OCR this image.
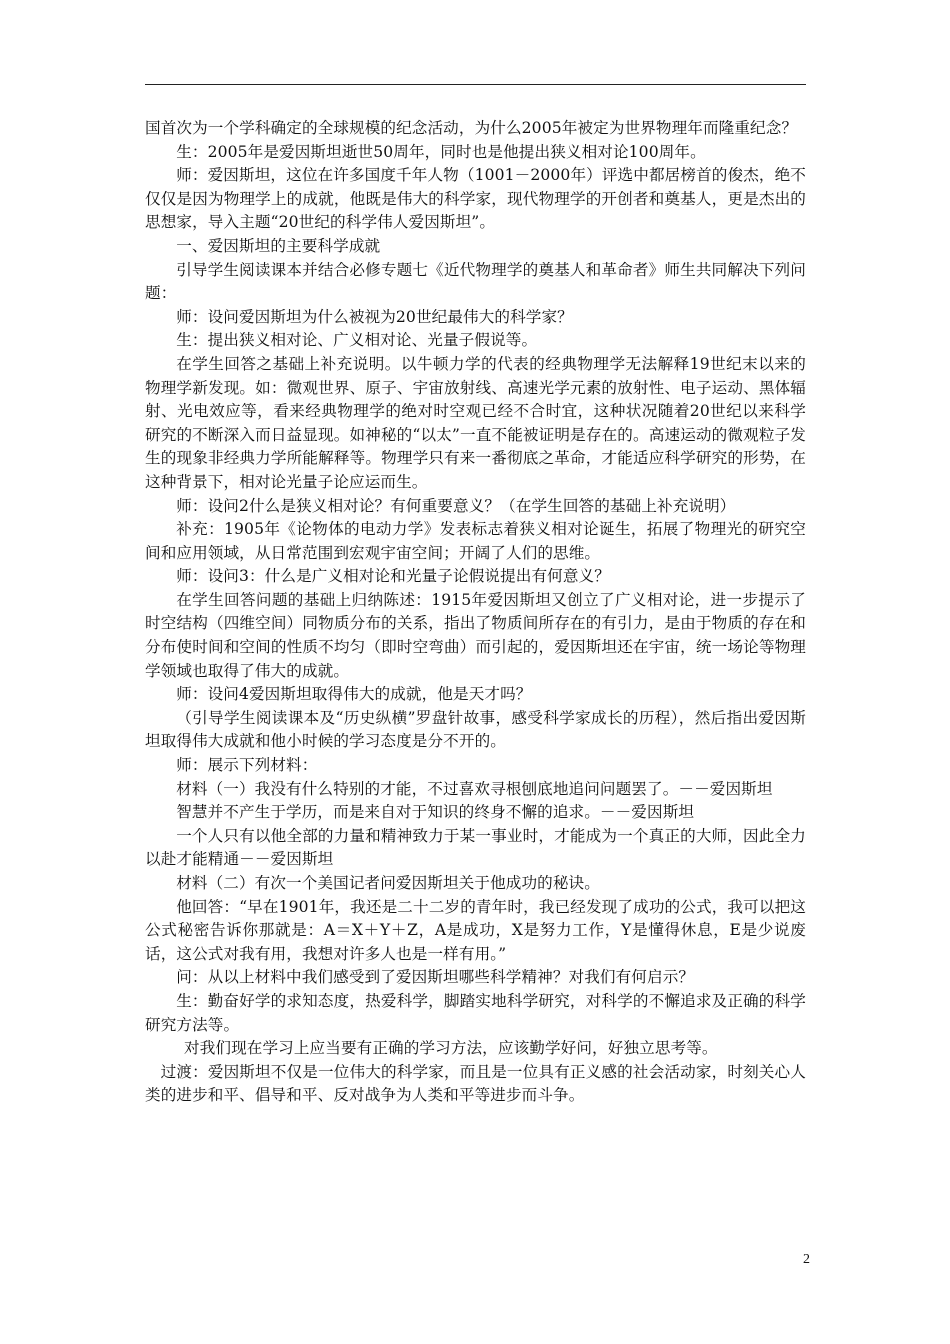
国首次为一个学科确定的全球规模的纪念活动，为什么2005年被定为世界物理年而隆重纪念？

生：2005年是爱因斯坦逝世50周年，同时也是他提出狭义相对论100周年。

师：爱因斯坦，这位在许多国度千年人物（1001－2000年）评选中都居榜首的俊杰，绝不仅仅是因为物理学上的成就，他既是伟大的科学家，现代物理学的开创者和奠基人，更是杰出的思想家，导入主题“20世纪的科学伟人爱因斯坦”。

一、爱因斯坦的主要科学成就

引导学生阅读课本并结合必修专题七《近代物理学的奠基人和革命者》师生共同解决下列问题：

师：设问爱因斯坦为什么被视为20世纪最伟大的科学家？

生：提出狭义相对论、广义相对论、光量子假说等。

在学生回答之基础上补充说明。以牛顿力学的代表的经典物理学无法解释19世纪末以来的物理学新发现。如：微观世界、原子、宇宙放射线、高速光学元素的放射性、电子运动、黑体辐射、光电效应等，看来经典物理学的绝对时空观已经不合时宜，这种状况随着20世纪以来科学研究的不断深入而日益显现。如神秘的“以太”一直不能被证明是存在的。高速运动的微观粒子发生的现象非经典力学所能解释等。物理学只有来一番彻底之革命，才能适应科学研究的形势，在这种背景下，相对论光量子论应运而生。

师：设问2什么是狭义相对论？有何重要意义？（在学生回答的基础上补充说明）

补充：1905年《论物体的电动力学》发表标志着狭义相对论诞生，拓展了物理光的研究空间和应用领域，从日常范围到宏观宇宙空间；开阔了人们的思维。

师：设问3：什么是广义相对论和光量子论假说提出有何意义？

在学生回答问题的基础上归纳陈述：1915年爱因斯坦又创立了广义相对论，进一步提示了时空结构（四维空间）同物质分布的关系，指出了物质间所存在的有引力，是由于物质的存在和分布使时间和空间的性质不均匀（即时空弯曲）而引起的，爱因斯坦还在宇宙，统一场论等物理学领域也取得了伟大的成就。

师：设问4爱因斯坦取得伟大的成就，他是天才吗？

（引导学生阅读课本及“历史纵横”罗盘针故事，感受科学家成长的历程），然后指出爱因斯坦取得伟大成就和他小时候的学习态度是分不开的。

师：展示下列材料：

材料（一）我没有什么特别的才能，不过喜欢寻根刨底地追问问题罢了。－－爱因斯坦

智慧并不产生于学历，而是来自对于知识的终身不懈的追求。－－爱因斯坦

一个人只有以他全部的力量和精神致力于某一事业时，才能成为一个真正的大师，因此全力以赴才能精通－－爱因斯坦

材料（二）有次一个美国记者问爱因斯坦关于他成功的秘诀。

他回答：“早在1901年，我还是二十二岁的青年时，我已经发现了成功的公式，我可以把这公式秘密告诉你那就是：A＝X＋Y＋Z，A是成功，X是努力工作，Y是懂得休息，E是少说废话，这公式对我有用，我想对许多人也是一样有用。”

问：从以上材料中我们感受到了爱因斯坦哪些科学精神？对我们有何启示？

生：勤奋好学的求知态度，热爱科学，脚踏实地科学研究，对科学的不懈追求及正确的科学研究方法等。

对我们现在学习上应当要有正确的学习方法，应该勤学好问，好独立思考等。

过渡：爱因斯坦不仅是一位伟大的科学家，而且是一位具有正义感的社会活动家，时刻关心人类的进步和平、倡导和平、反对战争为人类和平等进步而斗争。

2
